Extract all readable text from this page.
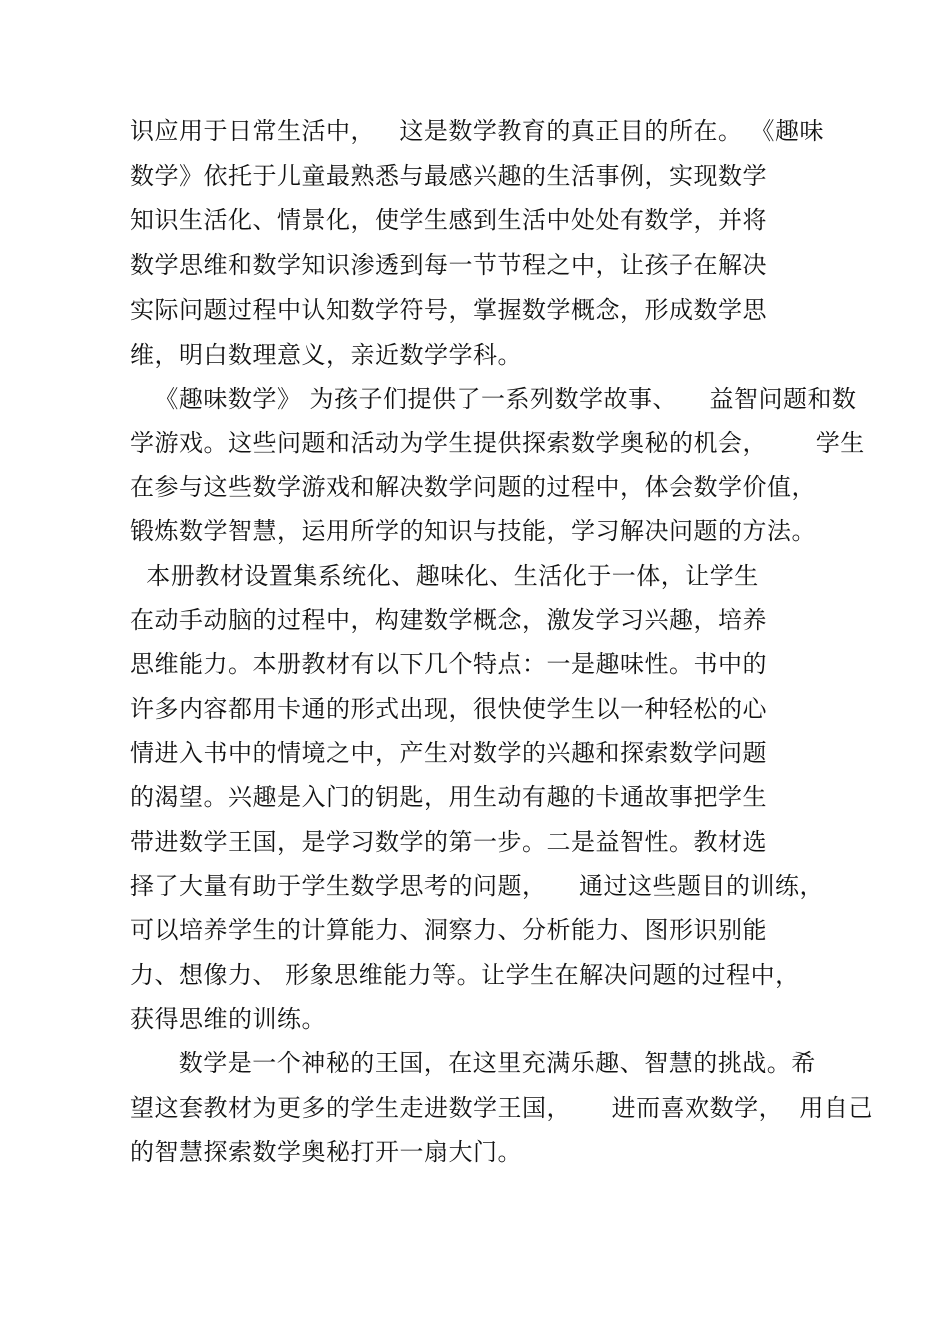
识应用于日常生活中，   这是数学教育的真正目的所在。 《趣味
数学》依托于儿童最熟悉与最感兴趣的生活事例，实现数学
知识生活化、情景化，使学生感到生活中处处有数学，并将
数学思维和数学知识渗透到每一节节程之中，让孩子在解决
实际问题过程中认知数学符号，掌握数学概念，形成数学思
维，明白数理意义，亲近数学学科。
《趣味数学》 为孩子们提供了一系列数学故事、    益智问题和数
学游戏。这些问题和活动为学生提供探索数学奥秘的机会，      学生
在参与这些数学游戏和解决数学问题的过程中，体会数学价值，
锻炼数学智慧，运用所学的知识与技能，学习解决问题的方法。
本册教材设置集系统化、趣味化、生活化于一体，让学生
在动手动脑的过程中，构建数学概念，激发学习兴趣，培养
思维能力。本册教材有以下几个特点：一是趣味性。书中的
许多内容都用卡通的形式出现，很快使学生以一种轻松的心
情进入书中的情境之中，产生对数学的兴趣和探索数学问题
的渴望。兴趣是入门的钥匙，用生动有趣的卡通故事把学生
带进数学王国，是学习数学的第一步。二是益智性。教材选
择了大量有助于学生数学思考的问题，    通过这些题目的训练，
可以培养学生的计算能力、洞察力、分析能力、图形识别能
力、想像力、 形象思维能力等。让学生在解决问题的过程中，
获得思维的训练。
数学是一个神秘的王国，在这里充满乐趣、智慧的挑战。希
望这套教材为更多的学生走进数学王国，     进而喜欢数学，  用自己
的智慧探索数学奥秘打开一扇大门。
